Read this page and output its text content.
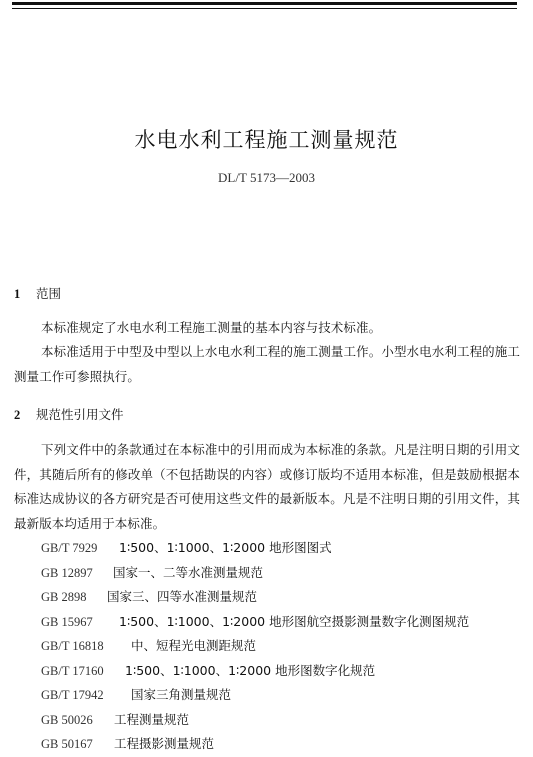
水电水利工程施工测量规范
DL/T 5173—2003
1 范围
本标准规定了水电水利工程施工测量的基本内容与技术标准。
本标准适用于中型及中型以上水电水利工程的施工测量工作。小型水电水利工程的施工测量工作可参照执行。
2 规范性引用文件
下列文件中的条款通过在本标准中的引用而成为本标准的条款。凡是注明日期的引用文件，其随后所有的修改单（不包括勘误的内容）或修订版均不适用本标准，但是鼓励根据本标准达成协议的各方研究是否可使用这些文件的最新版本。凡是不注明日期的引用文件，其最新版本均适用于本标准。
GB/T 7929 1∶500、1∶1000、1∶2000 地形图图式
GB 12897 国家一、二等水准测量规范
GB 2898 国家三、四等水准测量规范
GB 15967 1∶500、1∶1000、1∶2000 地形图航空摄影测量数字化测图规范
GB/T 16818 中、短程光电测距规范
GB/T 17160 1∶500、1∶1000、1∶2000 地形图数字化规范
GB/T 17942 国家三角测量规范
GB 50026 工程测量规范
GB 50167 工程摄影测量规范
